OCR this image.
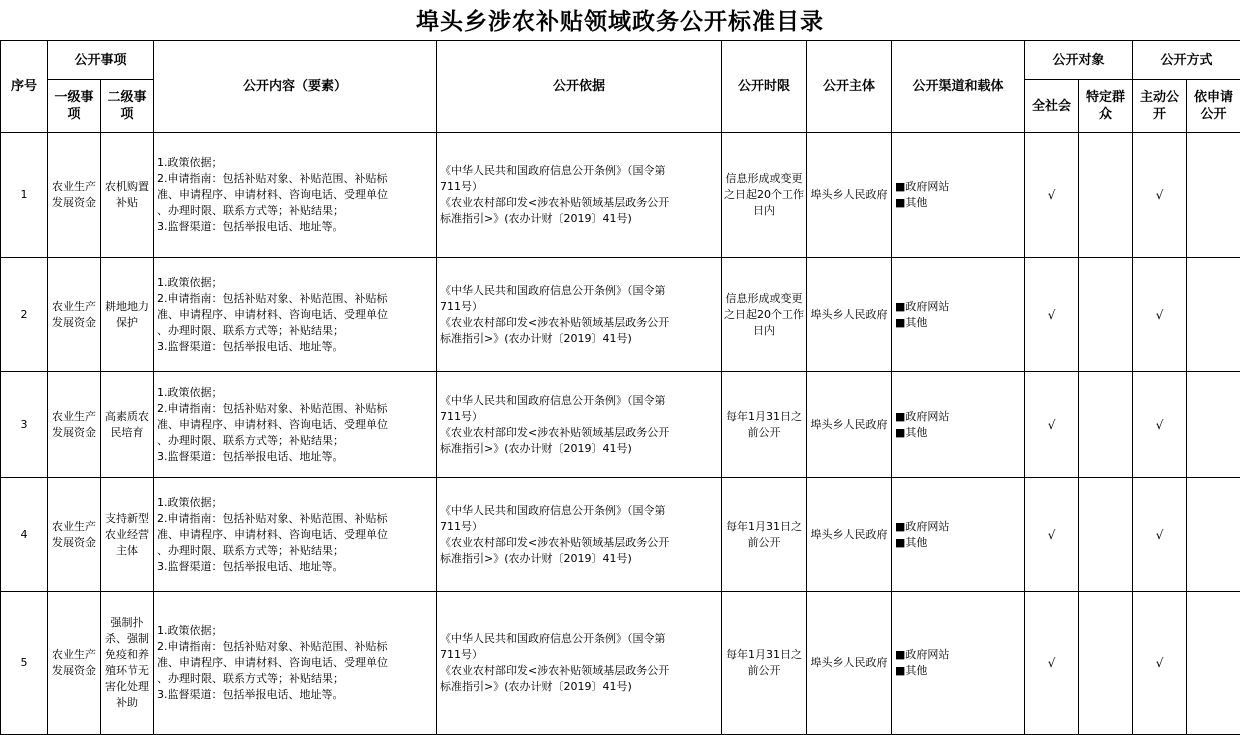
埠头乡涉农补贴领域政务公开标准目录
序号	公开事项		公开内容（要素）	公开依据	公开时限	公开主体	公开渠道和载体	公开对象		公开方式	
	一级事项	二级事项						全社会	特定群众	主动公开	依申请公开
1	农业生产发展资金	农机购置补贴	1.政策依据；
2.申请指南：包括补贴对象、补贴范围、补贴标
准、申请程序、申请材料、咨询电话、受理单位
、办理时限、联系方式等；补贴结果；
3.监督渠道：包括举报电话、地址等。	《中华人民共和国政府信息公开条例》（国令第
711号）
《农业农村部印发<涉农补贴领域基层政务公开
标准指引>》(农办计财〔2019〕41号)	信息形成或变更之日起20个工作日内	埠头乡人民政府	■政府网站
■其他	√		√	
2	农业生产发展资金	耕地地力保护	1.政策依据；
2.申请指南：包括补贴对象、补贴范围、补贴标
准、申请程序、申请材料、咨询电话、受理单位
、办理时限、联系方式等；补贴结果；
3.监督渠道：包括举报电话、地址等。	《中华人民共和国政府信息公开条例》（国令第
711号）
《农业农村部印发<涉农补贴领域基层政务公开
标准指引>》(农办计财〔2019〕41号)	信息形成或变更之日起20个工作日内	埠头乡人民政府	■政府网站
■其他	√		√	
3	农业生产发展资金	高素质农民培育	1.政策依据；
2.申请指南：包括补贴对象、补贴范围、补贴标
准、申请程序、申请材料、咨询电话、受理单位
、办理时限、联系方式等；补贴结果；
3.监督渠道：包括举报电话、地址等。	《中华人民共和国政府信息公开条例》（国令第
711号）
《农业农村部印发<涉农补贴领域基层政务公开
标准指引>》(农办计财〔2019〕41号)	每年1月31日之前公开	埠头乡人民政府	■政府网站
■其他	√		√	
4	农业生产发展资金	支持新型农业经营主体	1.政策依据；
2.申请指南：包括补贴对象、补贴范围、补贴标
准、申请程序、申请材料、咨询电话、受理单位
、办理时限、联系方式等；补贴结果；
3.监督渠道：包括举报电话、地址等。	《中华人民共和国政府信息公开条例》（国令第
711号）
《农业农村部印发<涉农补贴领域基层政务公开
标准指引>》(农办计财〔2019〕41号)	每年1月31日之前公开	埠头乡人民政府	■政府网站
■其他	√		√	
5	农业生产发展资金	强制扑杀、强制免疫和养殖环节无害化处理补助	1.政策依据；
2.申请指南：包括补贴对象、补贴范围、补贴标
准、申请程序、申请材料、咨询电话、受理单位
、办理时限、联系方式等；补贴结果；
3.监督渠道：包括举报电话、地址等。	《中华人民共和国政府信息公开条例》（国令第
711号）
《农业农村部印发<涉农补贴领域基层政务公开
标准指引>》(农办计财〔2019〕41号)	每年1月31日之前公开	埠头乡人民政府	■政府网站
■其他	√		√	
